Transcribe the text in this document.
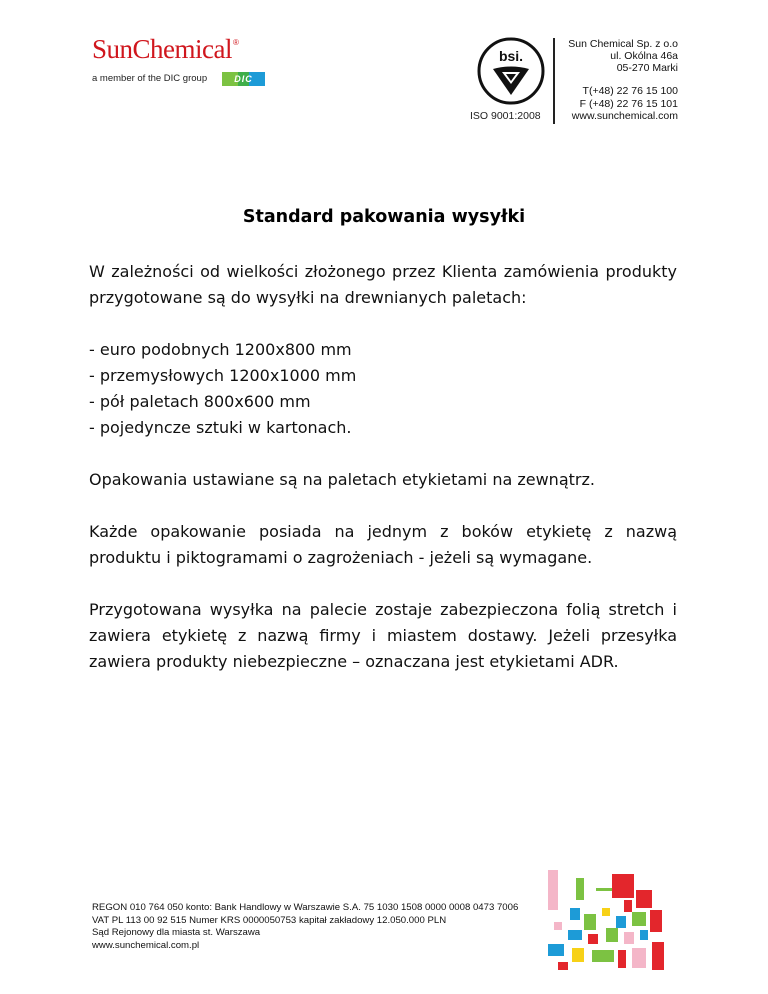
SunChemical®
a member of the DIC group	DIC
bsi.
ISO 9001:2008
Sun Chemical Sp. z o.o
ul. Okólna 46a
05-270 Marki
T(+48) 22 76 15 100
F (+48) 22 76 15 101
www.sunchemical.com
Standard pakowania wysyłki

W zależności od wielkości złożonego przez Klienta zamówienia produkty przygotowane są do wysyłki na drewnianych paletach:

- euro podobnych 1200x800 mm

- przemysłowych 1200x1000 mm

- pół paletach 800x600 mm

- pojedyncze sztuki w kartonach.

Opakowania ustawiane są na paletach etykietami na zewnątrz.

Każde opakowanie posiada na jednym z boków etykietę z nazwą produktu i piktogramami o zagrożeniach - jeżeli są wymagane.

Przygotowana wysyłka na palecie zostaje zabezpieczona folią stretch i zawiera etykietę z nazwą firmy i miastem dostawy. Jeżeli przesyłka zawiera produkty niebezpieczne – oznaczana jest etykietami ADR.

REGON 010 764 050 konto: Bank Handlowy w Warszawie S.A. 75 1030 1508 0000 0008 0473 7006
VAT PL 113 00 92 515 Numer KRS 0000050753 kapitał zakładowy 12.050.000 PLN
Sąd Rejonowy dla miasta st. Warszawa
www.sunchemical.com.pl
